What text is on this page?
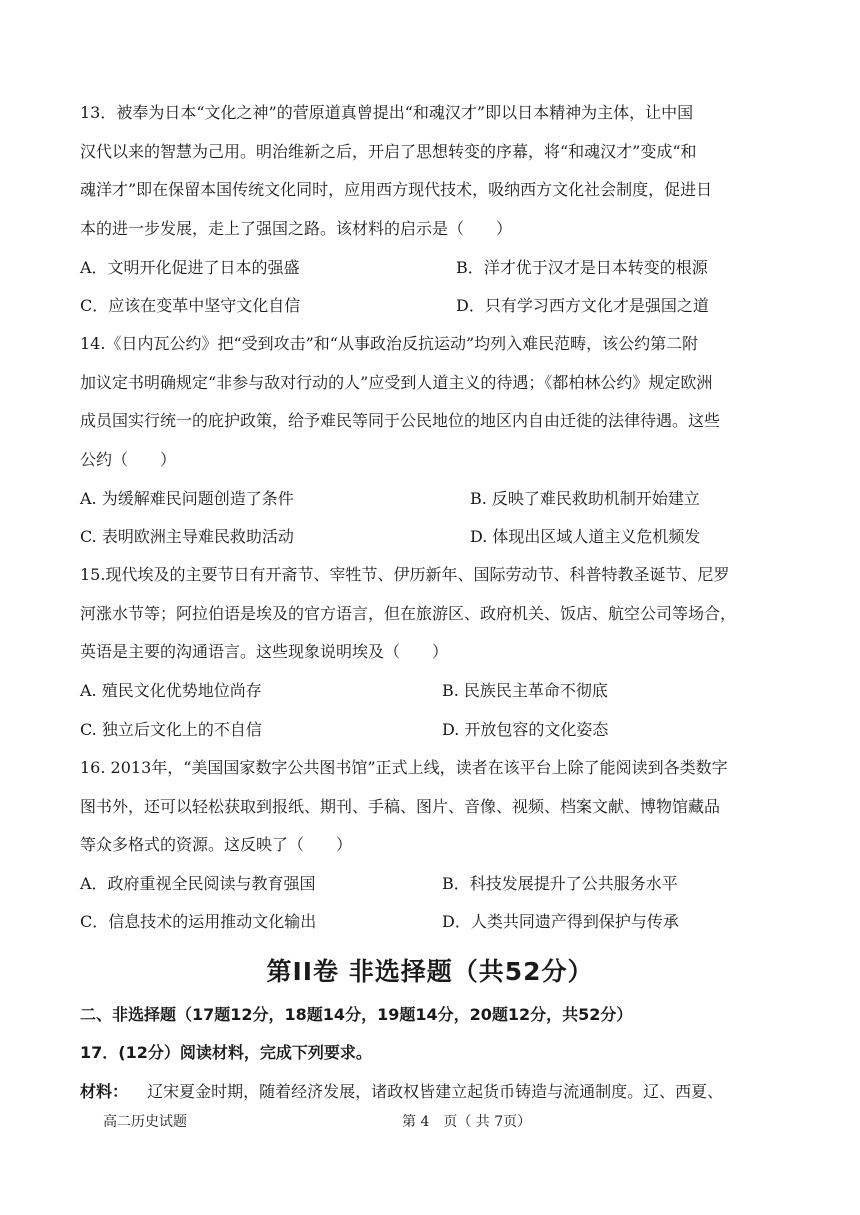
13．被奉为日本“文化之神”的菅原道真曾提出“和魂汉才”即以日本精神为主体，让中国
汉代以来的智慧为己用。明治维新之后，开启了思想转变的序幕，将“和魂汉才”变成“和
魂洋才”即在保留本国传统文化同时，应用西方现代技术，吸纳西方文化社会制度，促进日
本的进一步发展，走上了强国之路。该材料的启示是（　　）
A．文明开化促进了日本的强盛	B．洋才优于汉才是日本转变的根源
C．应该在变革中坚守文化自信	D．只有学习西方文化才是强国之道
14.《日内瓦公约》把“受到攻击”和“从事政治反抗运动”均列入难民范畴，该公约第二附
加议定书明确规定“非参与敌对行动的人”应受到人道主义的待遇；《都柏林公约》规定欧洲
成员国实行统一的庇护政策，给予难民等同于公民地位的地区内自由迁徙的法律待遇。这些
公约（　　）
A. 为缓解难民问题创造了条件	B. 反映了难民救助机制开始建立
C. 表明欧洲主导难民救助活动	D. 体现出区域人道主义危机频发
15.现代埃及的主要节日有开斋节、宰牲节、伊历新年、国际劳动节、科普特教圣诞节、尼罗
河涨水节等；阿拉伯语是埃及的官方语言，但在旅游区、政府机关、饭店、航空公司等场合，
英语是主要的沟通语言。这些现象说明埃及（　　）
A. 殖民文化优势地位尚存	B. 民族民主革命不彻底
C. 独立后文化上的不自信	D. 开放包容的文化姿态
16. 2013年，“美国国家数字公共图书馆”正式上线，读者在该平台上除了能阅读到各类数字
图书外，还可以轻松获取到报纸、期刊、手稿、图片、音像、视频、档案文献、博物馆藏品
等众多格式的资源。这反映了（　　）
A．政府重视全民阅读与教育强国	B．科技发展提升了公共服务水平
C．信息技术的运用推动文化输出	D．人类共同遗产得到保护与传承
第II卷 非选择题（共52分）
二、非选择题（17题12分，18题14分，19题14分，20题12分，共52分）
17．(12分）阅读材料，完成下列要求。
材料： 辽宋夏金时期，随着经济发展，诸政权皆建立起货币铸造与流通制度。辽、西夏、
高二历史试题	第 4　页（ 共 7页）
